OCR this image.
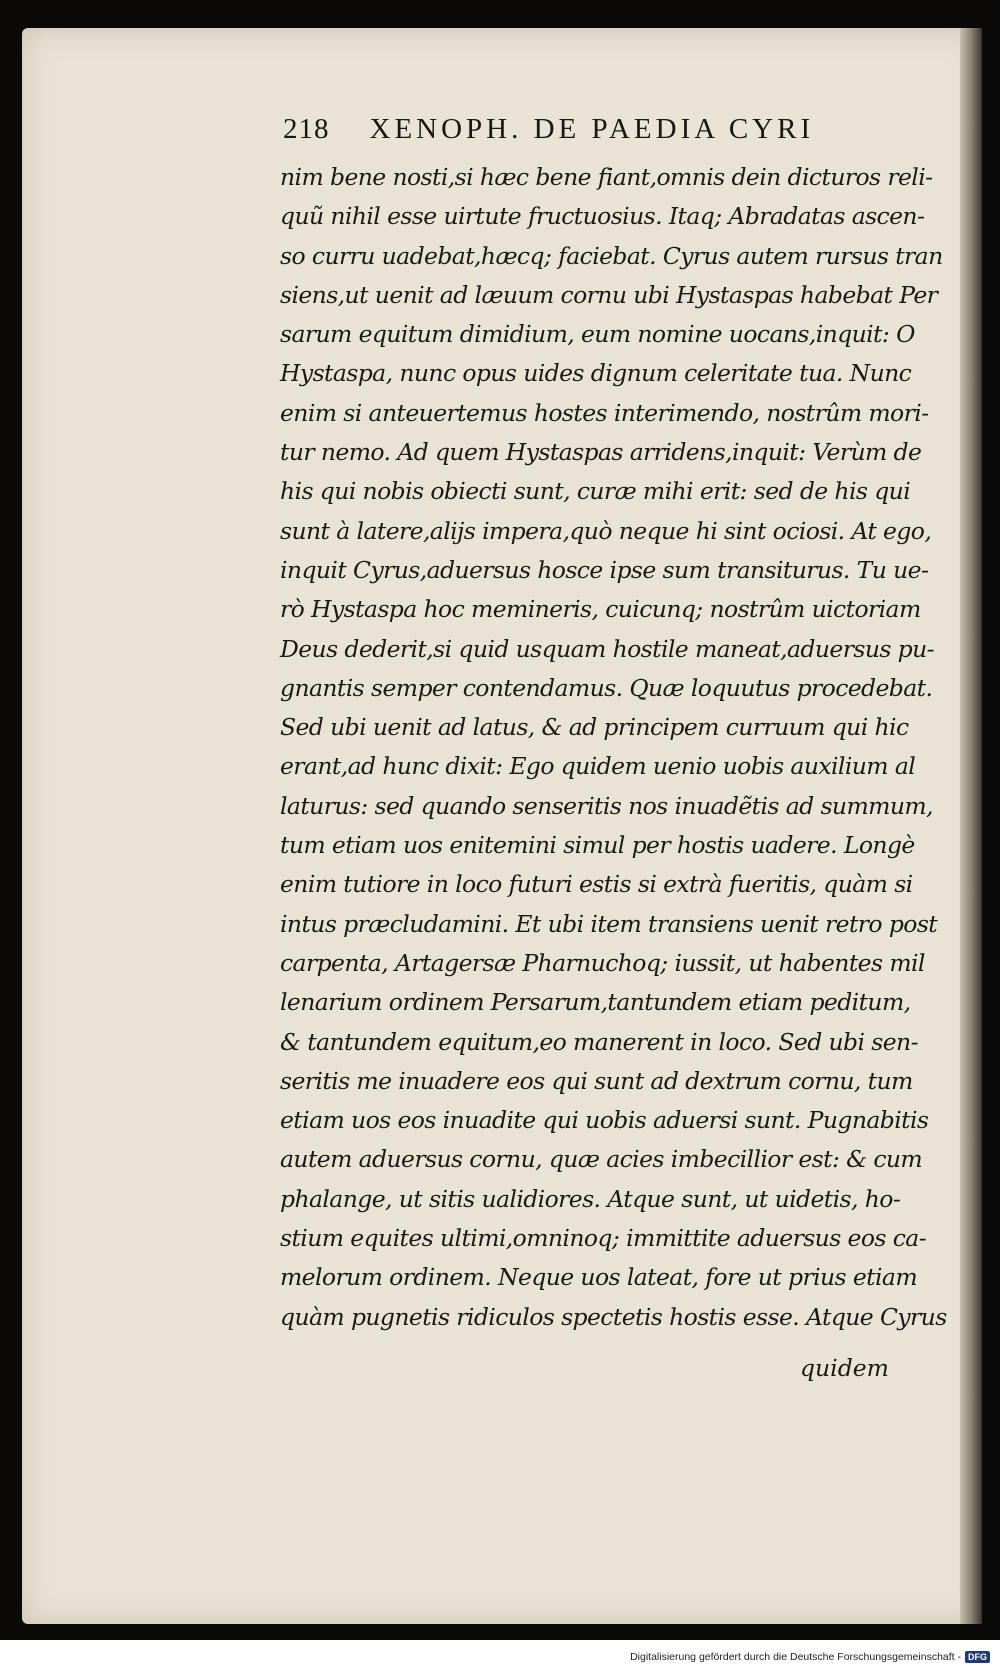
218 XENOPH. DE PAEDIA CYRI
nim bene nosti,si hæc bene fiant,omnis dein dicturos reli-
quũ nihil esse uirtute fructuosius. Itaq; Abradatas ascen-
so curru uadebat,hæcq; faciebat. Cyrus autem rursus tran
siens,ut uenit ad læuum cornu ubi Hystaspas habebat Per
sarum equitum dimidium, eum nomine uocans,inquit: O
Hystaspa, nunc opus uides dignum celeritate tua. Nunc
enim si anteuertemus hostes interimendo, nostrûm mori-
tur nemo. Ad quem Hystaspas arridens,inquit: Verùm de
his qui nobis obiecti sunt, curæ mihi erit: sed de his qui
sunt à latere,alijs impera,quò neque hi sint ociosi. At ego,
inquit Cyrus,aduersus hosce ipse sum transiturus. Tu ue-
rò Hystaspa hoc memineris, cuicunq; nostrûm uictoriam
Deus dederit,si quid usquam hostile maneat,aduersus pu-
gnantis semper contendamus. Quæ loquutus procedebat.
Sed ubi uenit ad latus, & ad principem curruum qui hic
erant,ad hunc dixit: Ego quidem uenio uobis auxilium al
laturus: sed quando senseritis nos inuadẽtis ad summum,
tum etiam uos enitemini simul per hostis uadere. Longè
enim tutiore in loco futuri estis si extrà fueritis, quàm si
intus præcludamini. Et ubi item transiens uenit retro post
carpenta, Artagersæ Pharnuchoq; iussit, ut habentes mil
lenarium ordinem Persarum,tantundem etiam peditum,
& tantundem equitum,eo manerent in loco. Sed ubi sen-
seritis me inuadere eos qui sunt ad dextrum cornu, tum
etiam uos eos inuadite qui uobis aduersi sunt. Pugnabitis
autem aduersus cornu, quæ acies imbecillior est: & cum
phalange, ut sitis ualidiores. Atque sunt, ut uidetis, ho-
stium equites ultimi,omninoq; immittite aduersus eos ca-
melorum ordinem. Neque uos lateat, fore ut prius etiam
quàm pugnetis ridiculos spectetis hostis esse. Atque Cyrus
quidem
Digitalisierung gefördert durch die Deutsche Forschungsgemeinschaft - DFG
